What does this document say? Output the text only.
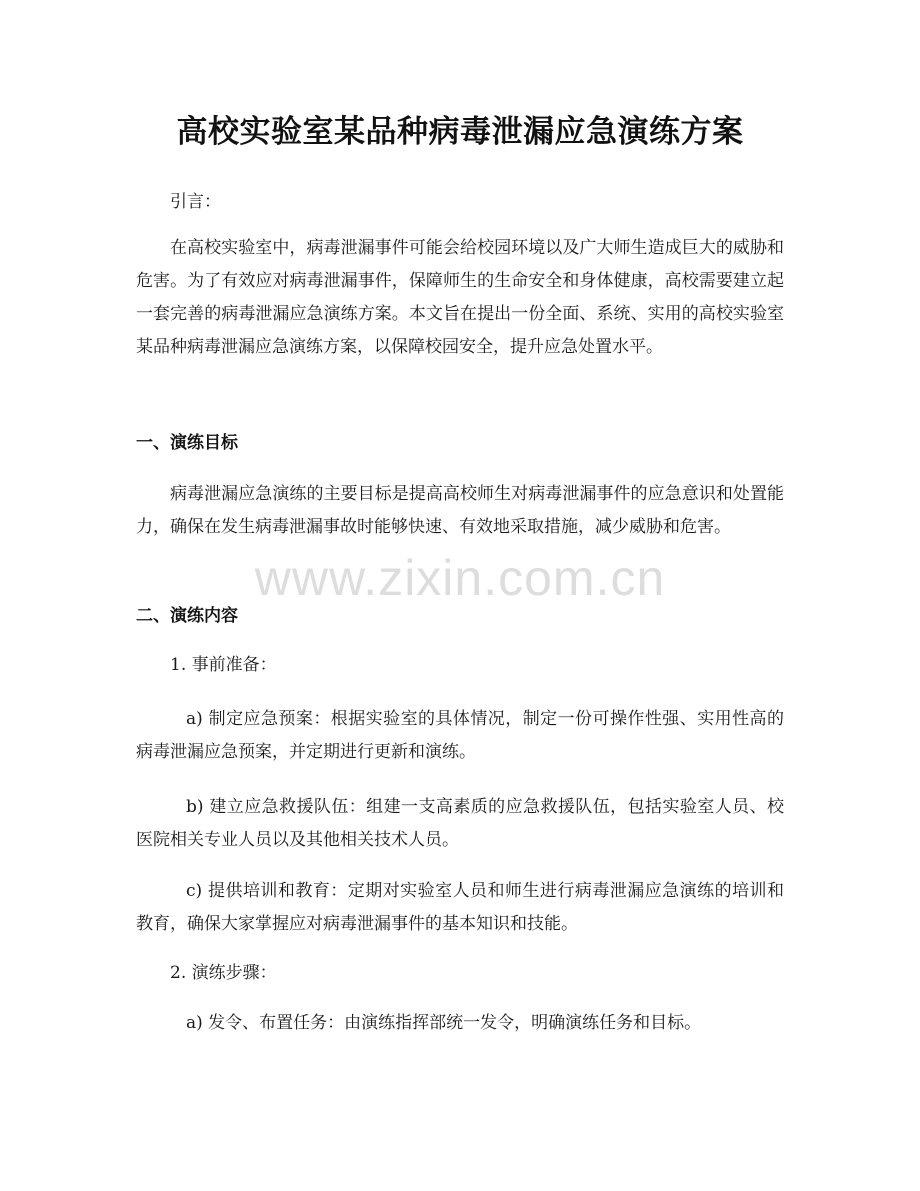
高校实验室某品种病毒泄漏应急演练方案
引言：
在高校实验室中，病毒泄漏事件可能会给校园环境以及广大师生造成巨大的威胁和危害。为了有效应对病毒泄漏事件，保障师生的生命安全和身体健康，高校需要建立起一套完善的病毒泄漏应急演练方案。本文旨在提出一份全面、系统、实用的高校实验室某品种病毒泄漏应急演练方案，以保障校园安全，提升应急处置水平。
一、演练目标
病毒泄漏应急演练的主要目标是提高高校师生对病毒泄漏事件的应急意识和处置能力，确保在发生病毒泄漏事故时能够快速、有效地采取措施，减少威胁和危害。
二、演练内容
1. 事前准备：
a) 制定应急预案：根据实验室的具体情况，制定一份可操作性强、实用性高的病毒泄漏应急预案，并定期进行更新和演练。
b) 建立应急救援队伍：组建一支高素质的应急救援队伍，包括实验室人员、校医院相关专业人员以及其他相关技术人员。
c) 提供培训和教育：定期对实验室人员和师生进行病毒泄漏应急演练的培训和教育，确保大家掌握应对病毒泄漏事件的基本知识和技能。
2. 演练步骤：
a) 发令、布置任务：由演练指挥部统一发令，明确演练任务和目标。
www.zixin.com.cn
